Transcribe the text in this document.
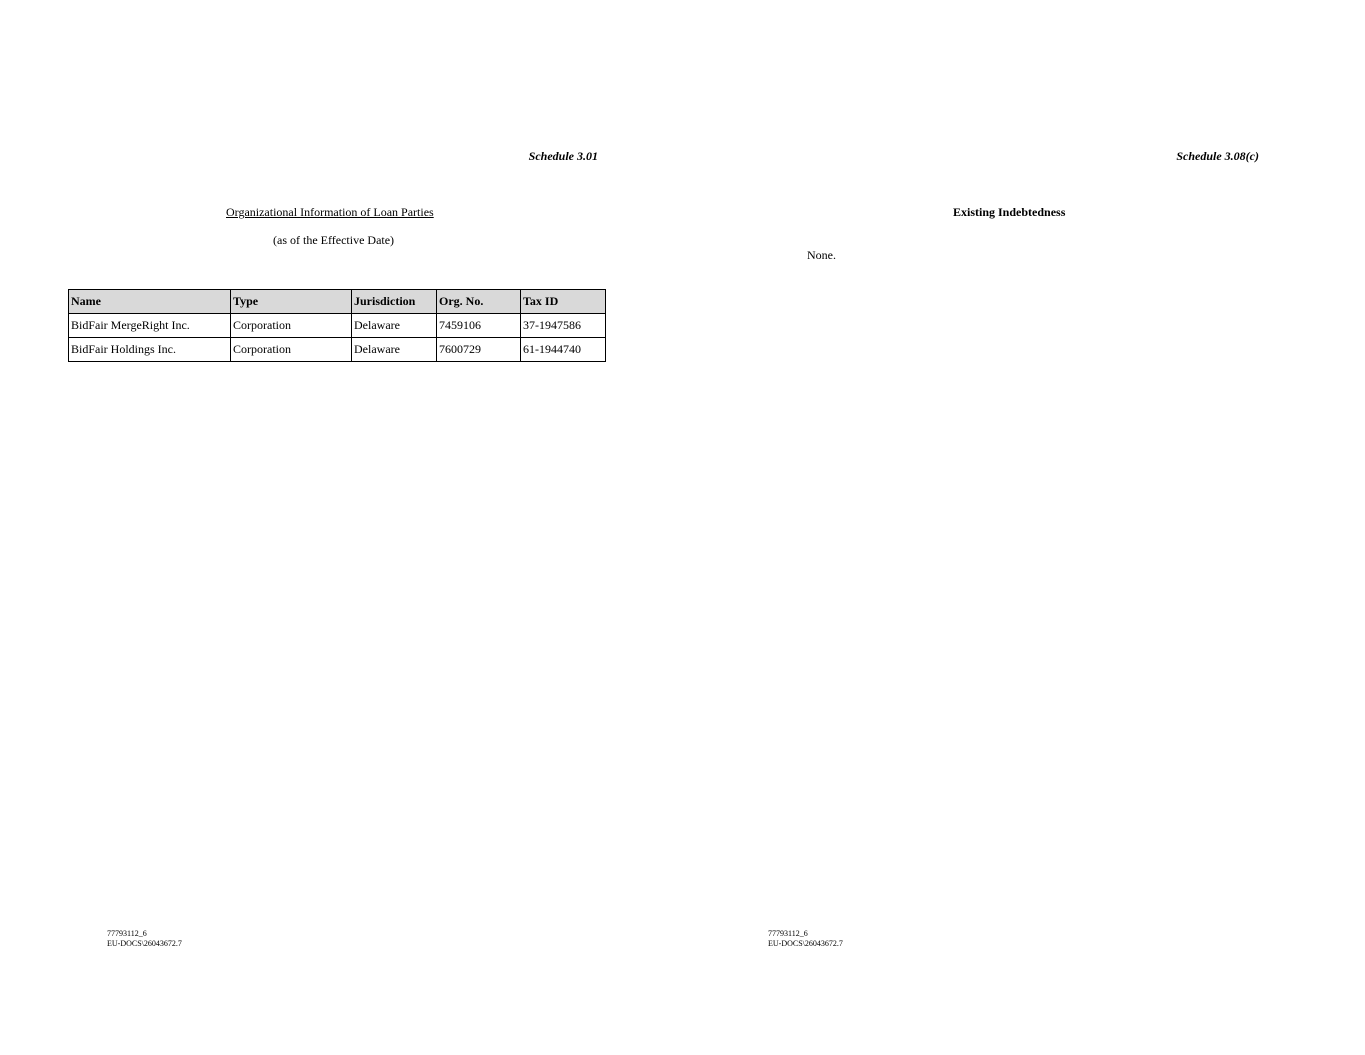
Schedule 3.01
Organizational Information of Loan Parties
(as of the Effective Date)
Name	Type	Jurisdiction	Org. No.	Tax ID
BidFair MergeRight Inc.	Corporation	Delaware	7459106	37-1947586
BidFair Holdings Inc.	Corporation	Delaware	7600729	61-1944740
77793112_6
EU-DOCS\26043672.7
Schedule 3.08(c)
Existing Indebtedness
None.
77793112_6
EU-DOCS\26043672.7
